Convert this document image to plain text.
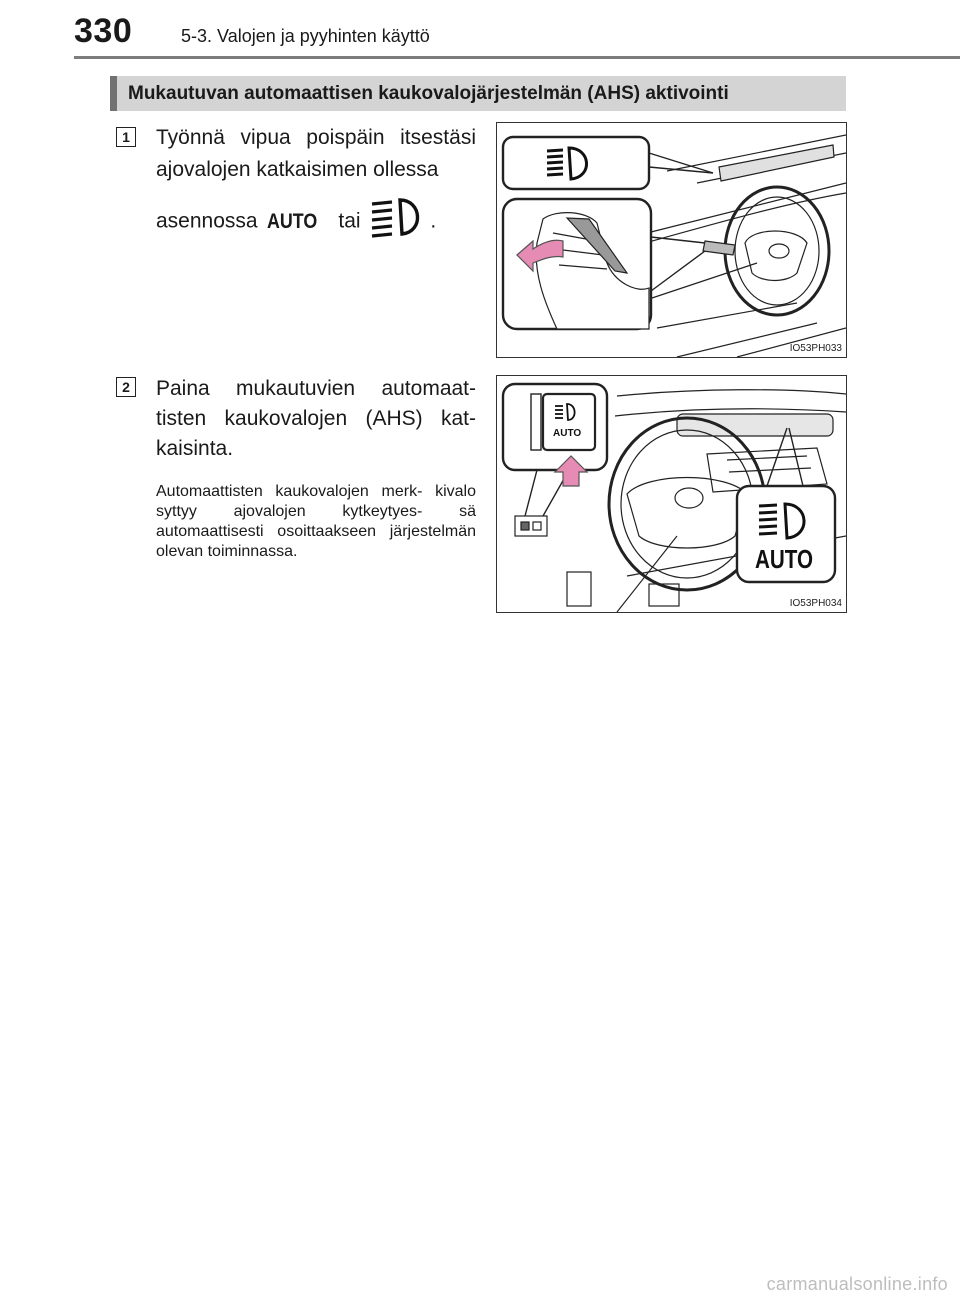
330	5-3. Valojen ja pyyhinten käyttö
Mukautuvan automaattisen kaukovalojärjestelmän (AHS) aktivointi
1 Työnnä vipua poispäin itsestäsi ajovalojen katkaisimen ollessa
asennossa AUTO tai	.
IO53PH033
2 Paina mukautuvien automaat- tisten kaukovalojen (AHS) kat- kaisinta.
Automaattisten kaukovalojen merk- kivalo syttyy ajovalojen kytkeytyes- sä automaattisesti osoittaakseen järjestelmän olevan toiminnassa.
AUTO
AUTO
IO53PH034
carmanualsonline.info
